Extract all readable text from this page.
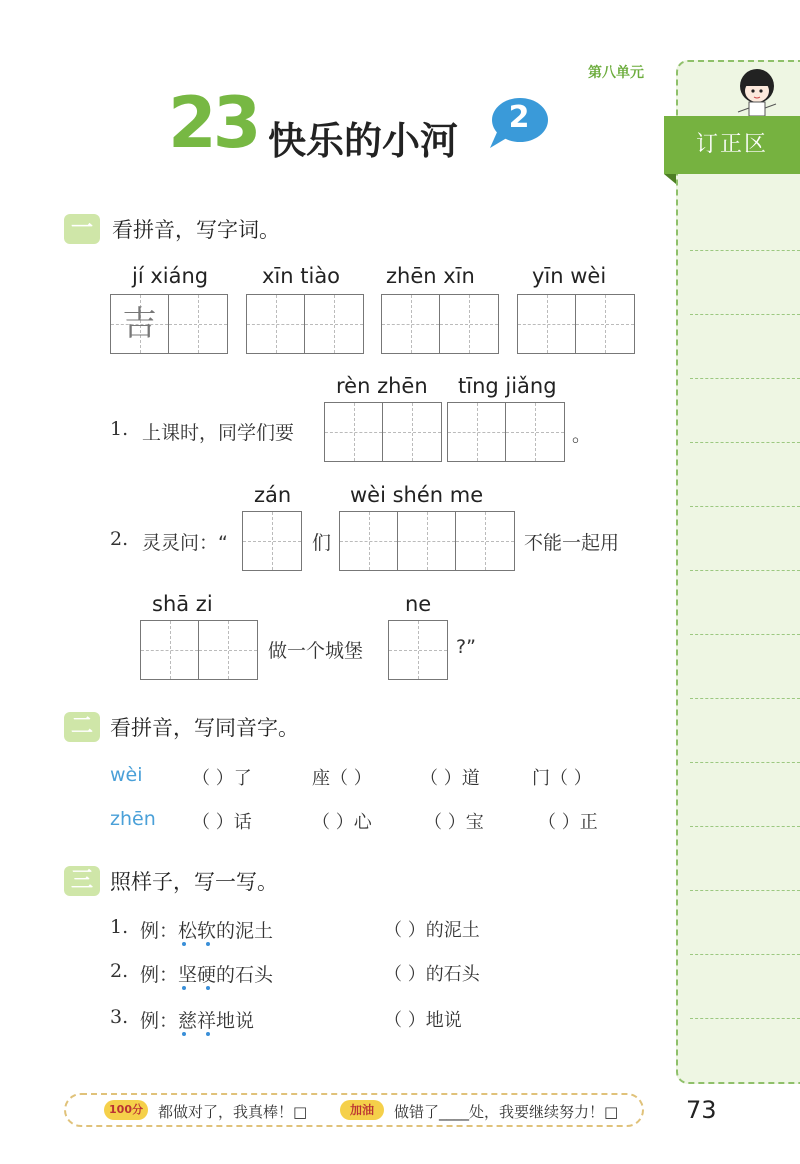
订正区
第八单元
23 快乐的小河
2
一 看拼音，写字词。
jí xiáng	xīn tiào zhēn xīn	yīn wèi
吉
rèn zhēn tīng jiǎng
1. 上课时，同学们要	。
zán	wèi shén me
2. 灵灵问：“	们	不能一起用
shā zi	ne
做一个城堡	?”
二 看拼音，写同音字。
wèi	（ ）了	座（ ）	（ ）道	门（ ）
zhēn （ ）话	（ ）心	（ ）宝	（ ）正
三 照样子，写一写。
1. 例：松软的泥土	（ ）的泥土
2. 例：坚硬的石头	（ ）的石头
3. 例：慈祥地说	（ ）地说
100分	都做对了，我真棒！□	加油	做错了____处，我要继续努力！□	73
